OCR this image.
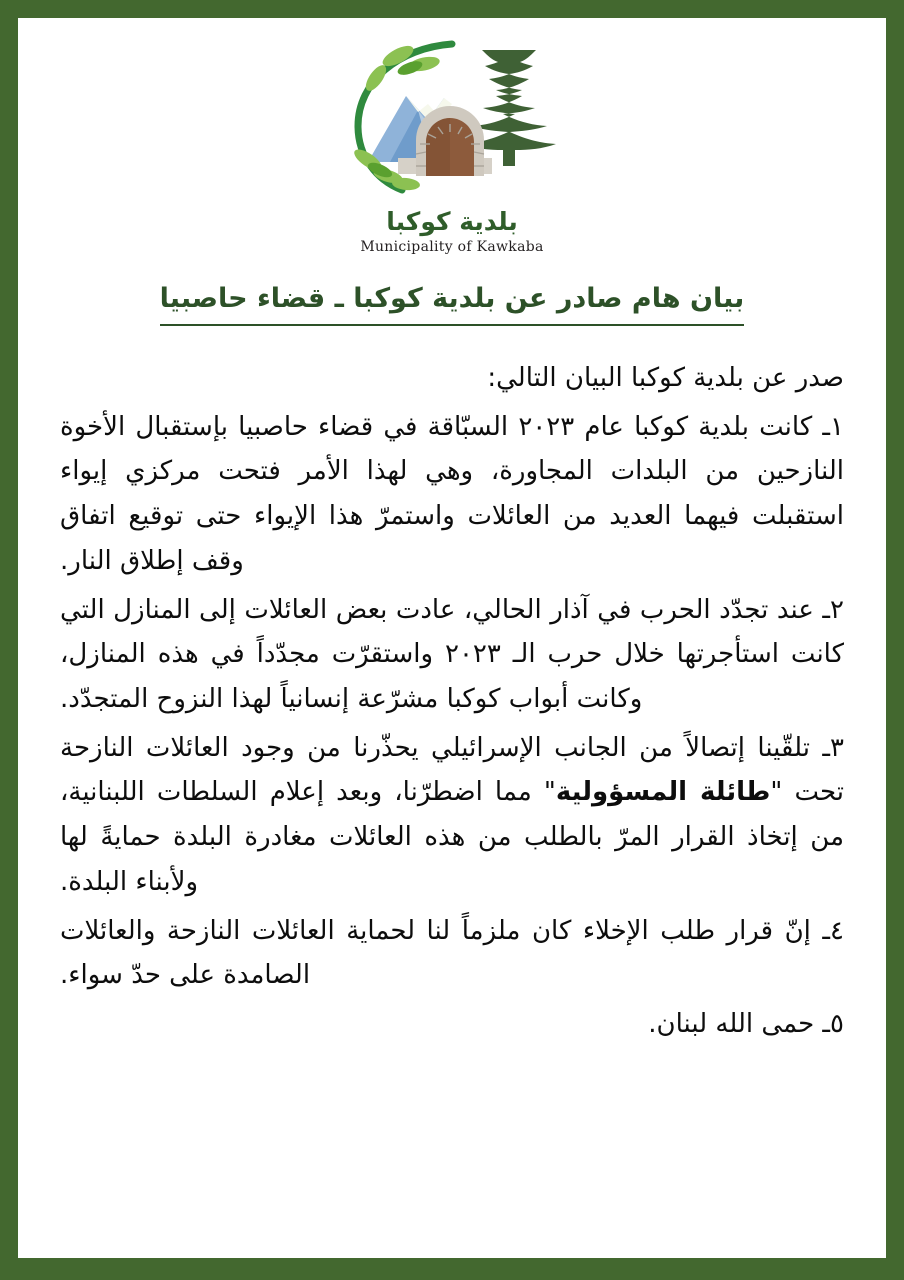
بلدية كوكبا
Municipality of Kawkaba
بيان هام صادر عن بلدية كوكبا ـ قضاء حاصبيا

صدر عن بلدية كوكبا البيان التالي:

١ـ كانت بلدية كوكبا عام ٢٠٢٣ السبّاقة في قضاء حاصبيا بإستقبال الأخوة النازحين من البلدات المجاورة، وهي لهذا الأمر فتحت مركزي إيواء استقبلت فيهما العديد من العائلات واستمرّ هذا الإيواء حتى توقيع اتفاق وقف إطلاق النار.

٢ـ عند تجدّد الحرب في آذار الحالي، عادت بعض العائلات إلى المنازل التي كانت استأجرتها خلال حرب الـ ٢٠٢٣ واستقرّت مجدّداً في هذه المنازل، وكانت أبواب كوكبا مشرّعة إنسانياً لهذا النزوح المتجدّد.

٣ـ تلقّينا إتصالاً من الجانب الإسرائيلي يحذّرنا من وجود العائلات النازحة تحت "طائلة المسؤولية" مما اضطرّنا، وبعد إعلام السلطات اللبنانية، من إتخاذ القرار المرّ بالطلب من هذه العائلات مغادرة البلدة حمايةً لها ولأبناء البلدة.

٤ـ إنّ قرار طلب الإخلاء كان ملزماً لنا لحماية العائلات النازحة والعائلات الصامدة على حدّ سواء.

٥ـ حمى الله لبنان.
